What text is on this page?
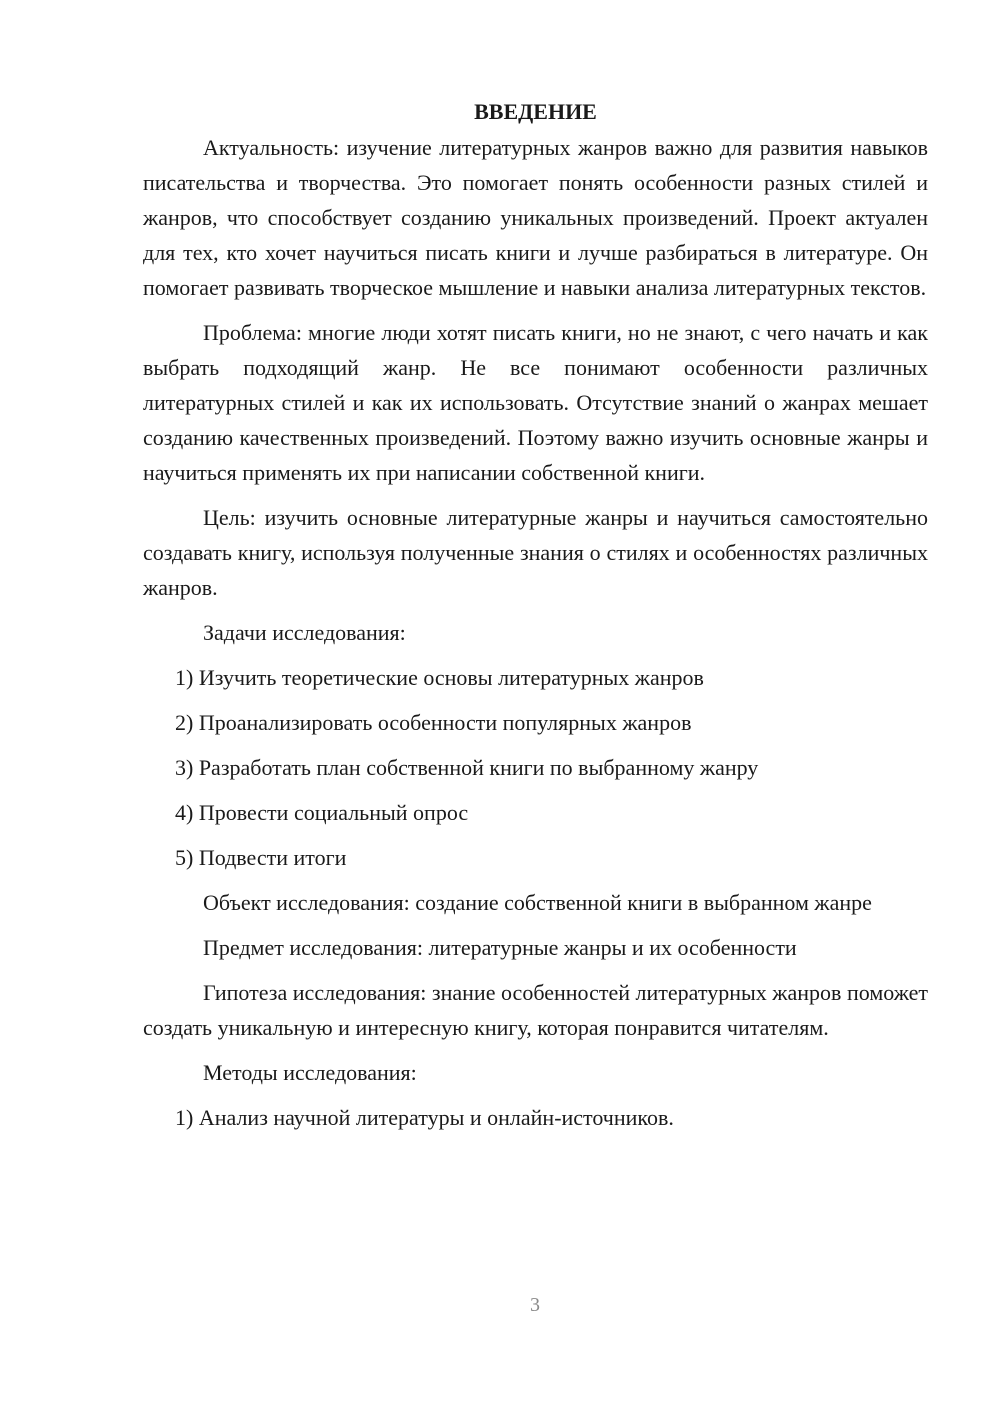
ВВЕДЕНИЕ

Актуальность: изучение литературных жанров важно для развития навыков писательства и творчества. Это помогает понять особенности разных стилей и жанров, что способствует созданию уникальных произведений. Проект актуален для тех, кто хочет научиться писать книги и лучше разбираться в литературе. Он помогает развивать творческое мышление и навыки анализа литературных текстов.

Проблема: многие люди хотят писать книги, но не знают, с чего начать и как выбрать подходящий жанр. Не все понимают особенности различных литературных стилей и как их использовать. Отсутствие знаний о жанрах мешает созданию качественных произведений. Поэтому важно изучить основные жанры и научиться применять их при написании собственной книги.

Цель: изучить основные литературные жанры и научиться самостоятельно создавать книгу, используя полученные знания о стилях и особенностях различных жанров.

Задачи исследования:

1) Изучить теоретические основы литературных жанров

2) Проанализировать особенности популярных жанров

3) Разработать план собственной книги по выбранному жанру

4) Провести социальный опрос

5) Подвести итоги

Объект исследования: создание собственной книги в выбранном жанре

Предмет исследования: литературные жанры и их особенности

Гипотеза исследования: знание особенностей литературных жанров поможет создать уникальную и интересную книгу, которая понравится читателям.

Методы исследования:

1) Анализ научной литературы и онлайн-источников.

3
